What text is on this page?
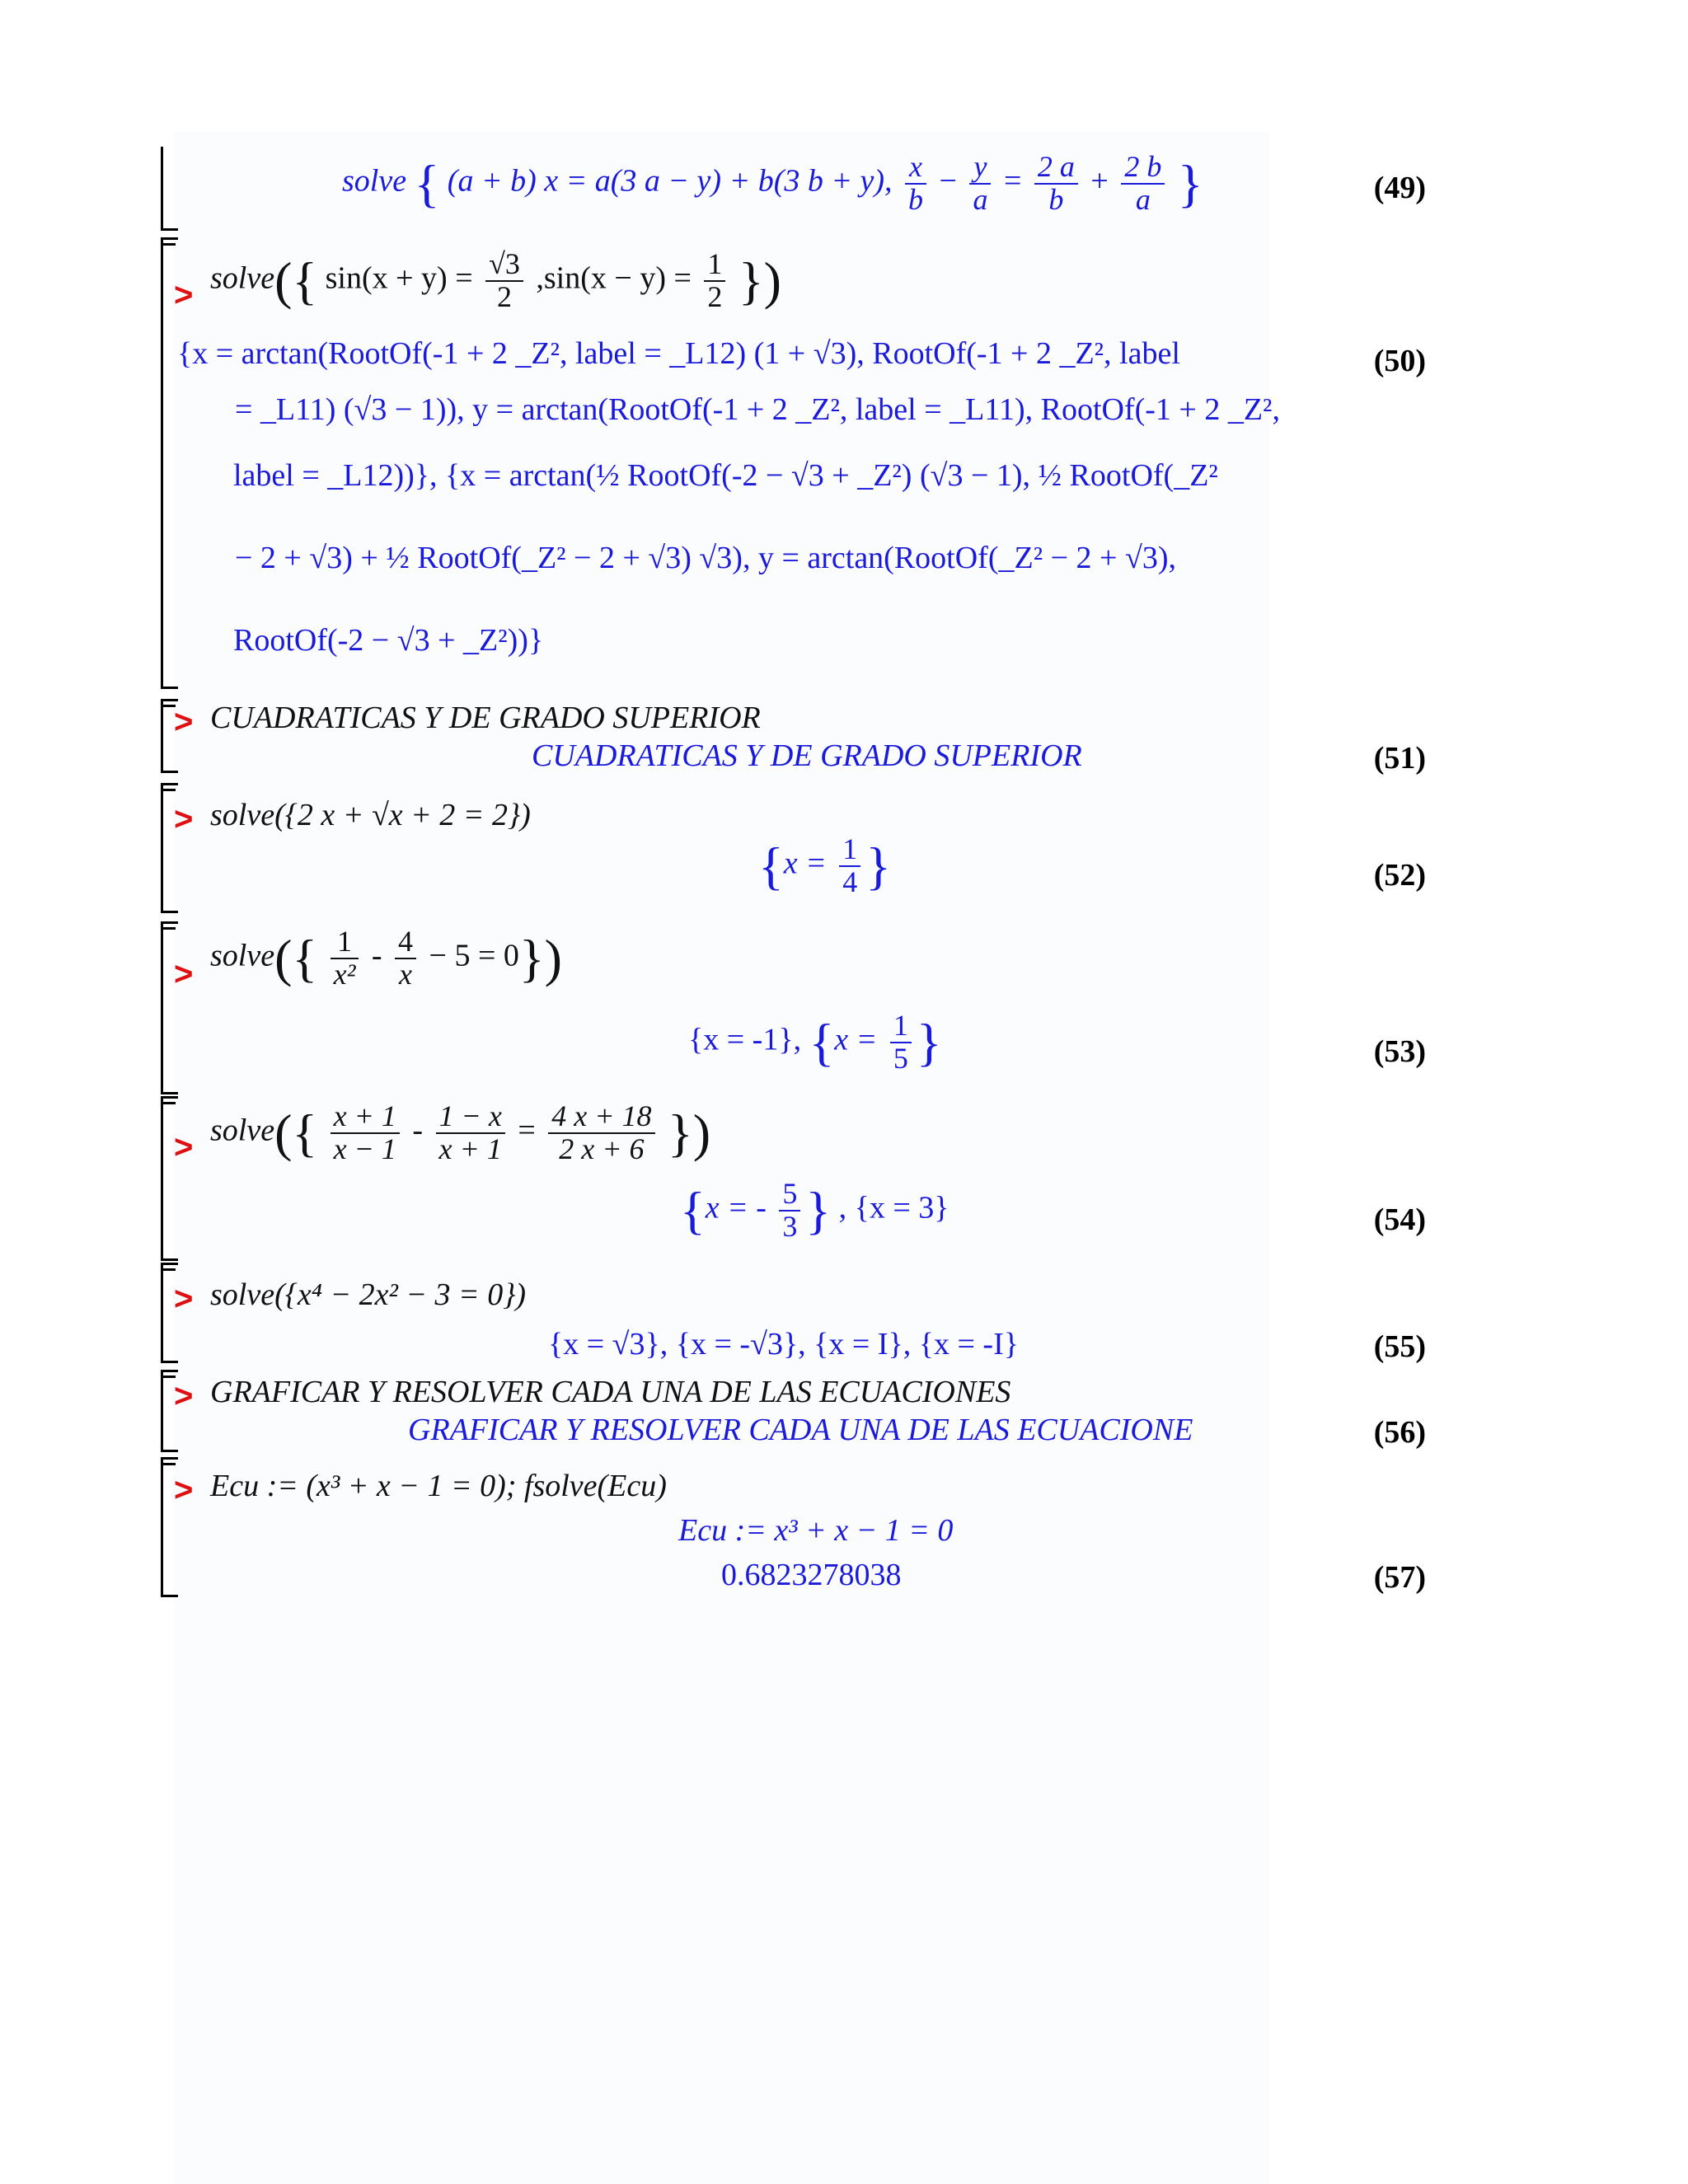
solve { (a + b) x = a(3 a − y) + b(3 b + y), $\frac{x}{b} - \frac{y}{a} = \frac{2 a}{b} + \frac{2 b}{a}$ }	(49)
> solve({ $\sin(x + y) = \frac{√3}{2} ,\sin(x - y) = \frac{1}{2}$ })
{x = arctan(RootOf(-1 + 2 _Z², label = _L12) (1 + √3), RootOf(-1 + 2 _Z², label
= _L11) (√3 − 1)), y = arctan(RootOf(-1 + 2 _Z², label = _L11), RootOf(-1 + 2 _Z²,
label = _L12))}, {x = arctan(½ RootOf(-2 − √3 + _Z²) (√3 − 1), ½ RootOf(_Z²
− 2 + √3) + ½ RootOf(_Z² − 2 + √3) √3), y = arctan(RootOf(_Z² − 2 + √3),
RootOf(-2 − √3 + _Z²))}
(50)
> CUADRATICAS Y DE GRADO SUPERIOR
CUADRATICAS Y DE GRADO SUPERIOR	(51)
> solve({2 x + √x + 2 = 2})
{$x = \frac{1}{4}$ }	(52)
>
solve({ $\frac{1}{\text{x²}} - \frac{4}{x} - 5 = 0$})
{x = -1}, {$x = \frac{1}{5}$ }	(53)
> solve({ $\frac{x + 1}{x - 1} - \frac{1 - x}{x + 1} = \frac{4 x + 18}{2 x + 6}$ })
{x = - $\frac{5}{3}$ } , {x = 3}	(54)
> solve({x⁴ − 2x² − 3 = 0})
{x = √3}, {x = -√3}, {x = I}, {x = -I}	(55)
> GRAFICAR Y RESOLVER CADA UNA DE LAS ECUACIONES
GRAFICAR Y RESOLVER CADA UNA DE LAS ECUACIONE	(56)
> Ecu := (x³ + x − 1 = 0); fsolve(Ecu)
Ecu := x³ + x − 1 = 0
0.6823278038	(57)
